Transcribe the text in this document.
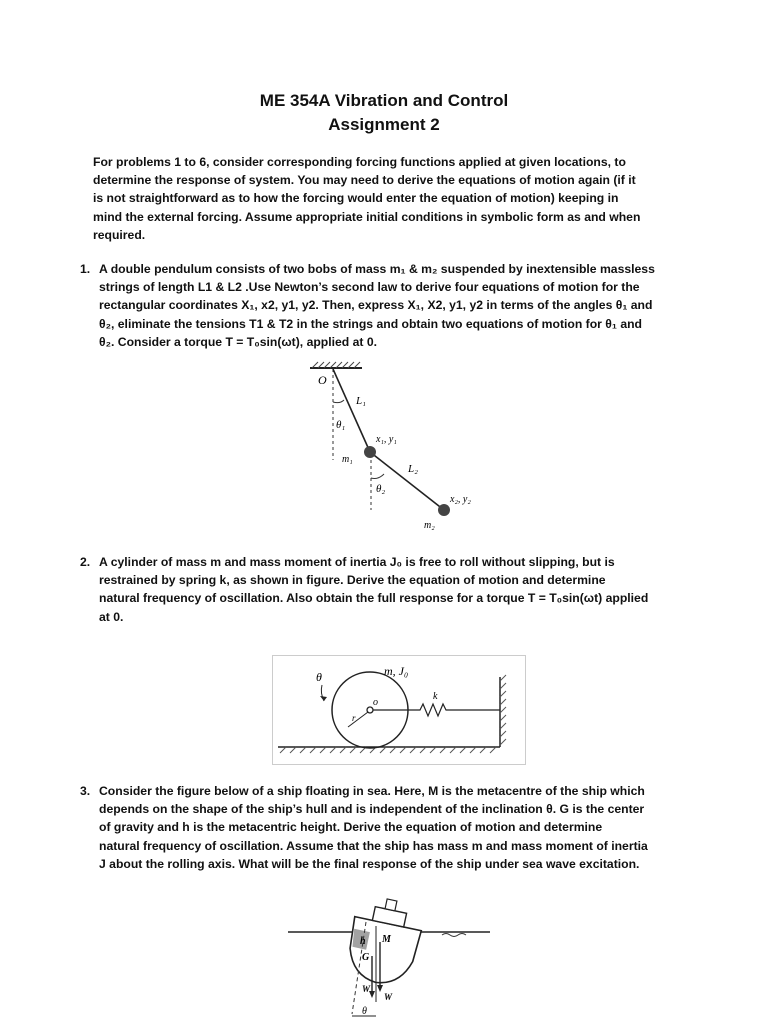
ME 354A Vibration and Control
Assignment 2
For problems 1 to 6, consider corresponding forcing functions applied at given locations, to
determine the response of system. You may need to derive the equations of motion again (if it
is not straightforward as to how the forcing would enter the equation of motion) keeping in
mind the external forcing. Assume appropriate initial conditions in symbolic form as and when
required.
1. A double pendulum consists of two bobs of mass m₁ & m₂ suspended by inextensible massless
strings of length L1 & L2 .Use Newton’s second law to derive four equations of motion for the
rectangular coordinates X₁, x2, y1, y2. Then, express X₁, X2, y1, y2 in terms of the angles θ₁ and
θ₂, eliminate the tensions T1 & T2 in the strings and obtain two equations of motion for θ₁ and
θ₂. Consider a torque T = T₀sin(ωt), applied at 0.
O
L₁
θ₁
x₁, y₁
m₁
L₂
θ₂
x₂, y₂
m₂
2. A cylinder of mass m and mass moment of inertia J₀ is free to roll without slipping, but is
restrained by spring k, as shown in figure. Derive the equation of motion and determine
natural frequency of oscillation. Also obtain the full response for a torque T = T₀sin(ωt) applied
at 0.
θ	m, J₀
o
r
k
3. Consider the figure below of a ship floating in sea. Here, M is the metacentre of the ship which
depends on the shape of the ship’s hull and is independent of the inclination θ. G is the center
of gravity and h is the metacentric height. Derive the equation of motion and determine
natural frequency of oscillation. Assume that the ship has mass m and mass moment of inertia
J about the rolling axis. What will be the final response of the ship under sea wave excitation.
h M
G
W
W
θ
